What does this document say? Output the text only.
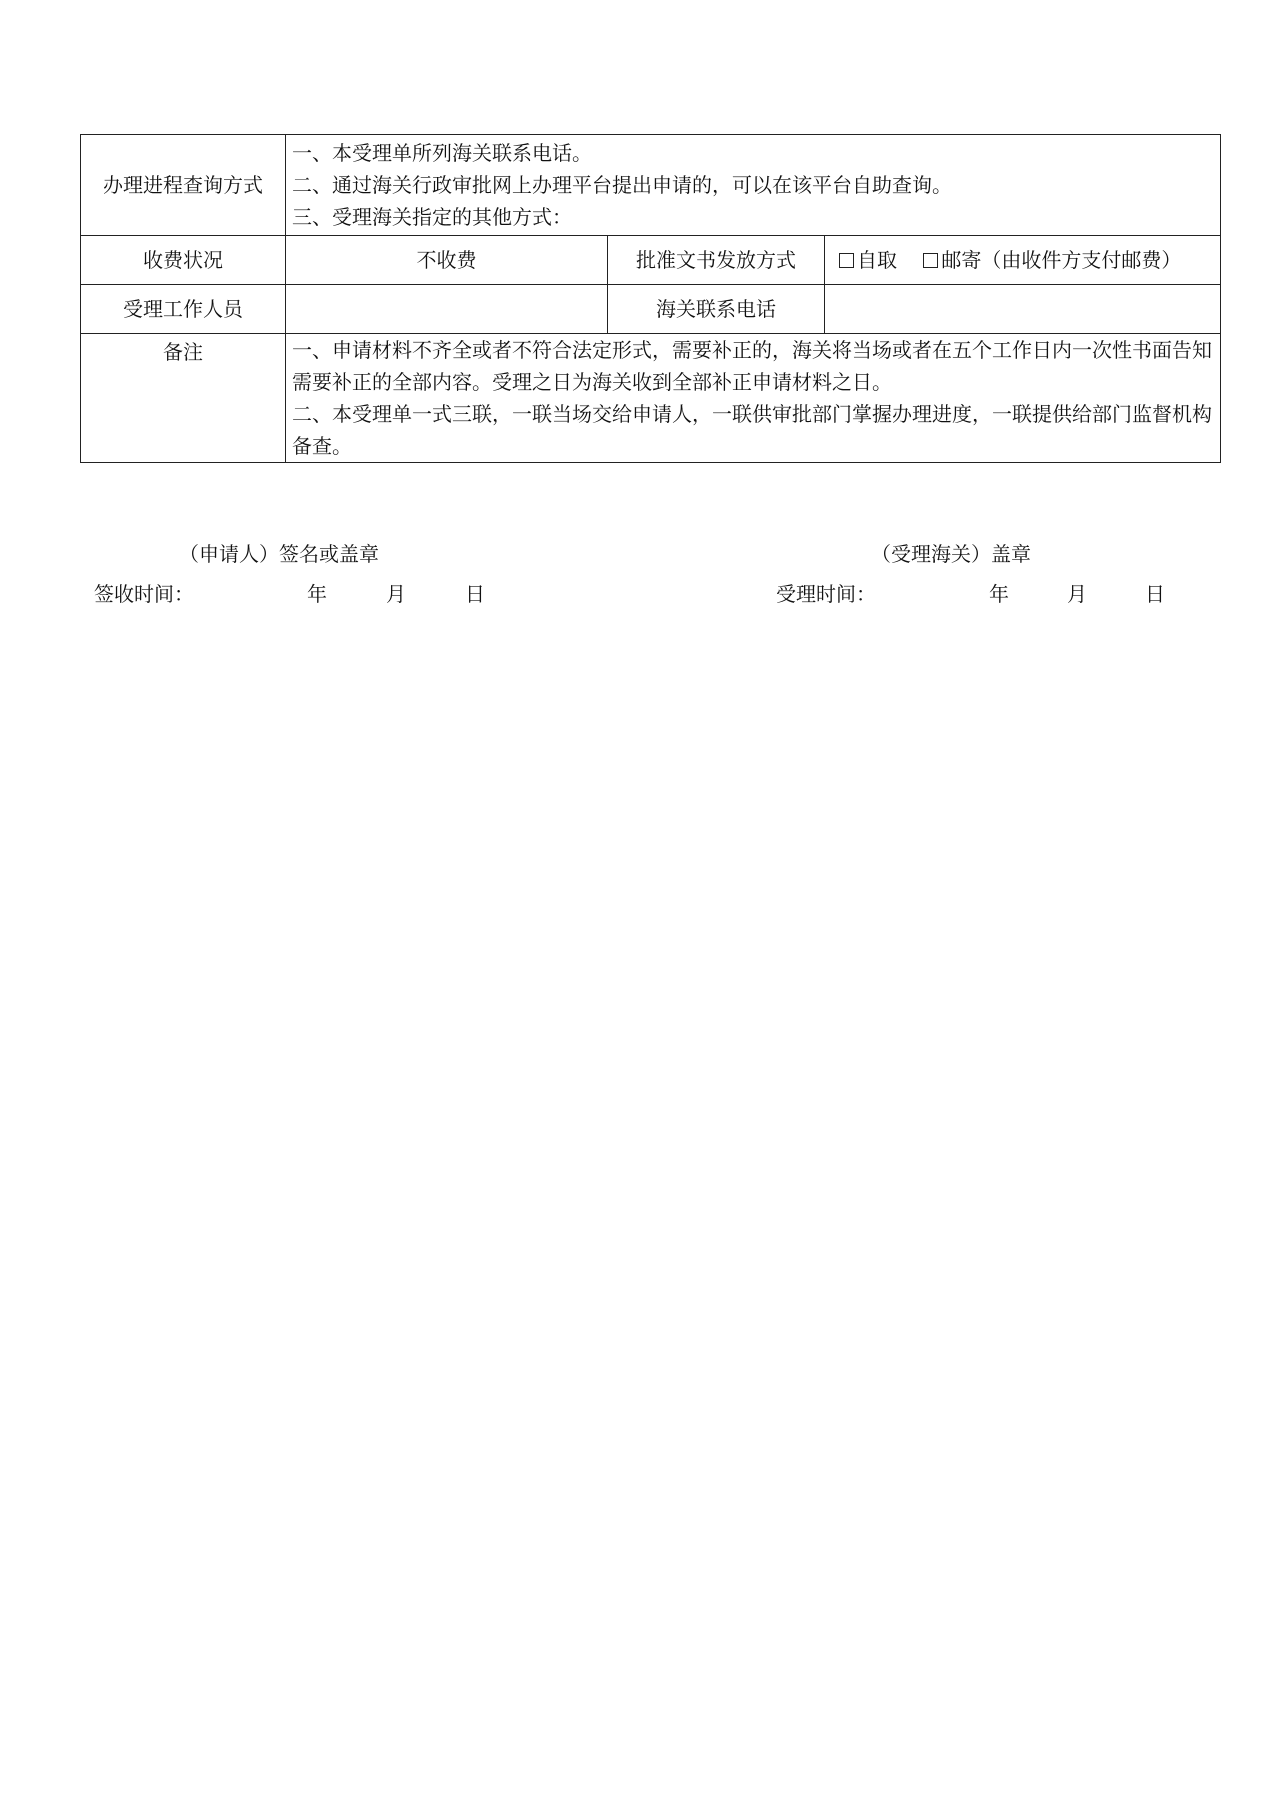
办理进程查询方式	一、本受理单所列海关联系电话。
二、通过海关行政审批网上办理平台提出申请的，可以在该平台自助查询。
三、受理海关指定的其他方式：		

收费状况	不收费	批准文书发放方式	自取 邮寄（由收件方支付邮费）
受理工作人员		海关联系电话	
备注	一、申请材料不齐全或者不符合法定形式，需要补正的，海关将当场或者在五个工作日内一次性书面告知需要补正的全部内容。受理之日为海关收到全部补正申请材料之日。
二、本受理单一式三联，一联当场交给申请人，一联供审批部门掌握办理进度，一联提供给部门监督机构备查。		
（申请人）签名或盖章	（受理海关）盖章
签收时间：	年	月	日	受理时间：	年	月	日
